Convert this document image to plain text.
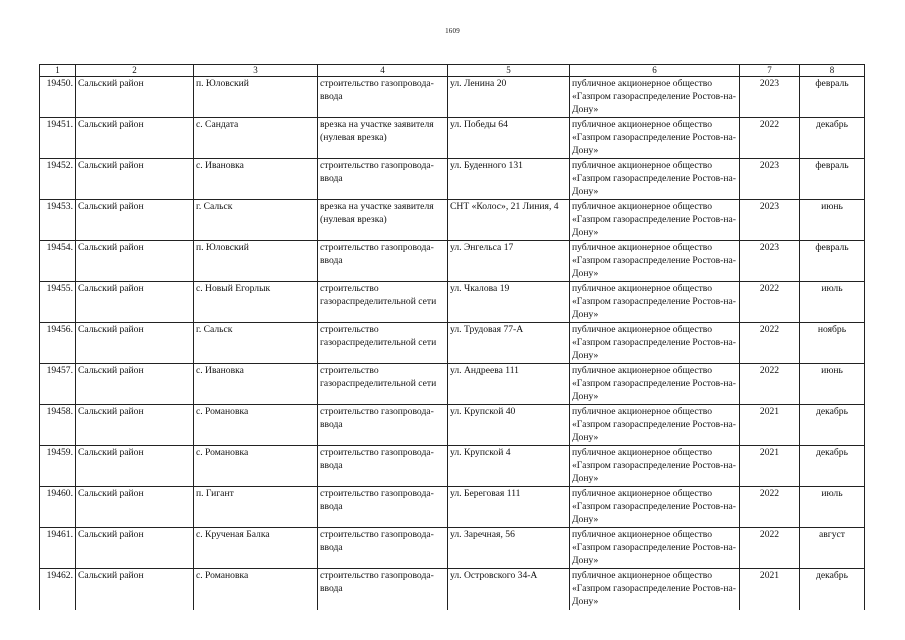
1609
1	2	3	4	5	6	7	8
19450.	Сальский район	п. Юловский	строительство газопровода-ввода	ул. Ленина 20	публичное акционерное общество «Газпром газораспределение Ростов-на-Дону»	2023	февраль
19451.	Сальский район	с. Сандата	врезка на участке заявителя (нулевая врезка)	ул. Победы 64	публичное акционерное общество «Газпром газораспределение Ростов-на-Дону»	2022	декабрь
19452.	Сальский район	с. Ивановка	строительство газопровода-ввода	ул. Буденного 131	публичное акционерное общество «Газпром газораспределение Ростов-на-Дону»	2023	февраль
19453.	Сальский район	г. Сальск	врезка на участке заявителя (нулевая врезка)	СНТ «Колос», 21 Линия, 4	публичное акционерное общество «Газпром газораспределение Ростов-на-Дону»	2023	июнь
19454.	Сальский район	п. Юловский	строительство газопровода-ввода	ул. Энгельса 17	публичное акционерное общество «Газпром газораспределение Ростов-на-Дону»	2023	февраль
19455.	Сальский район	с. Новый Егорлык	строительство газораспределительной сети	ул. Чкалова 19	публичное акционерное общество «Газпром газораспределение Ростов-на-Дону»	2022	июль
19456.	Сальский район	г. Сальск	строительство газораспределительной сети	ул. Трудовая 77-А	публичное акционерное общество «Газпром газораспределение Ростов-на-Дону»	2022	ноябрь
19457.	Сальский район	с. Ивановка	строительство газораспределительной сети	ул. Андреева 111	публичное акционерное общество «Газпром газораспределение Ростов-на-Дону»	2022	июнь
19458.	Сальский район	с. Романовка	строительство газопровода-ввода	ул. Крупской 40	публичное акционерное общество «Газпром газораспределение Ростов-на-Дону»	2021	декабрь
19459.	Сальский район	с. Романовка	строительство газопровода-ввода	ул. Крупской 4	публичное акционерное общество «Газпром газораспределение Ростов-на-Дону»	2021	декабрь
19460.	Сальский район	п. Гигант	строительство газопровода-ввода	ул. Береговая 111	публичное акционерное общество «Газпром газораспределение Ростов-на-Дону»	2022	июль
19461.	Сальский район	с. Крученая Балка	строительство газопровода-ввода	ул. Заречная, 56	публичное акционерное общество «Газпром газораспределение Ростов-на-Дону»	2022	август
19462.	Сальский район	с. Романовка	строительство газопровода-ввода	ул. Островского 34-А	публичное акционерное общество «Газпром газораспределение Ростов-на-Дону»	2021	декабрь
